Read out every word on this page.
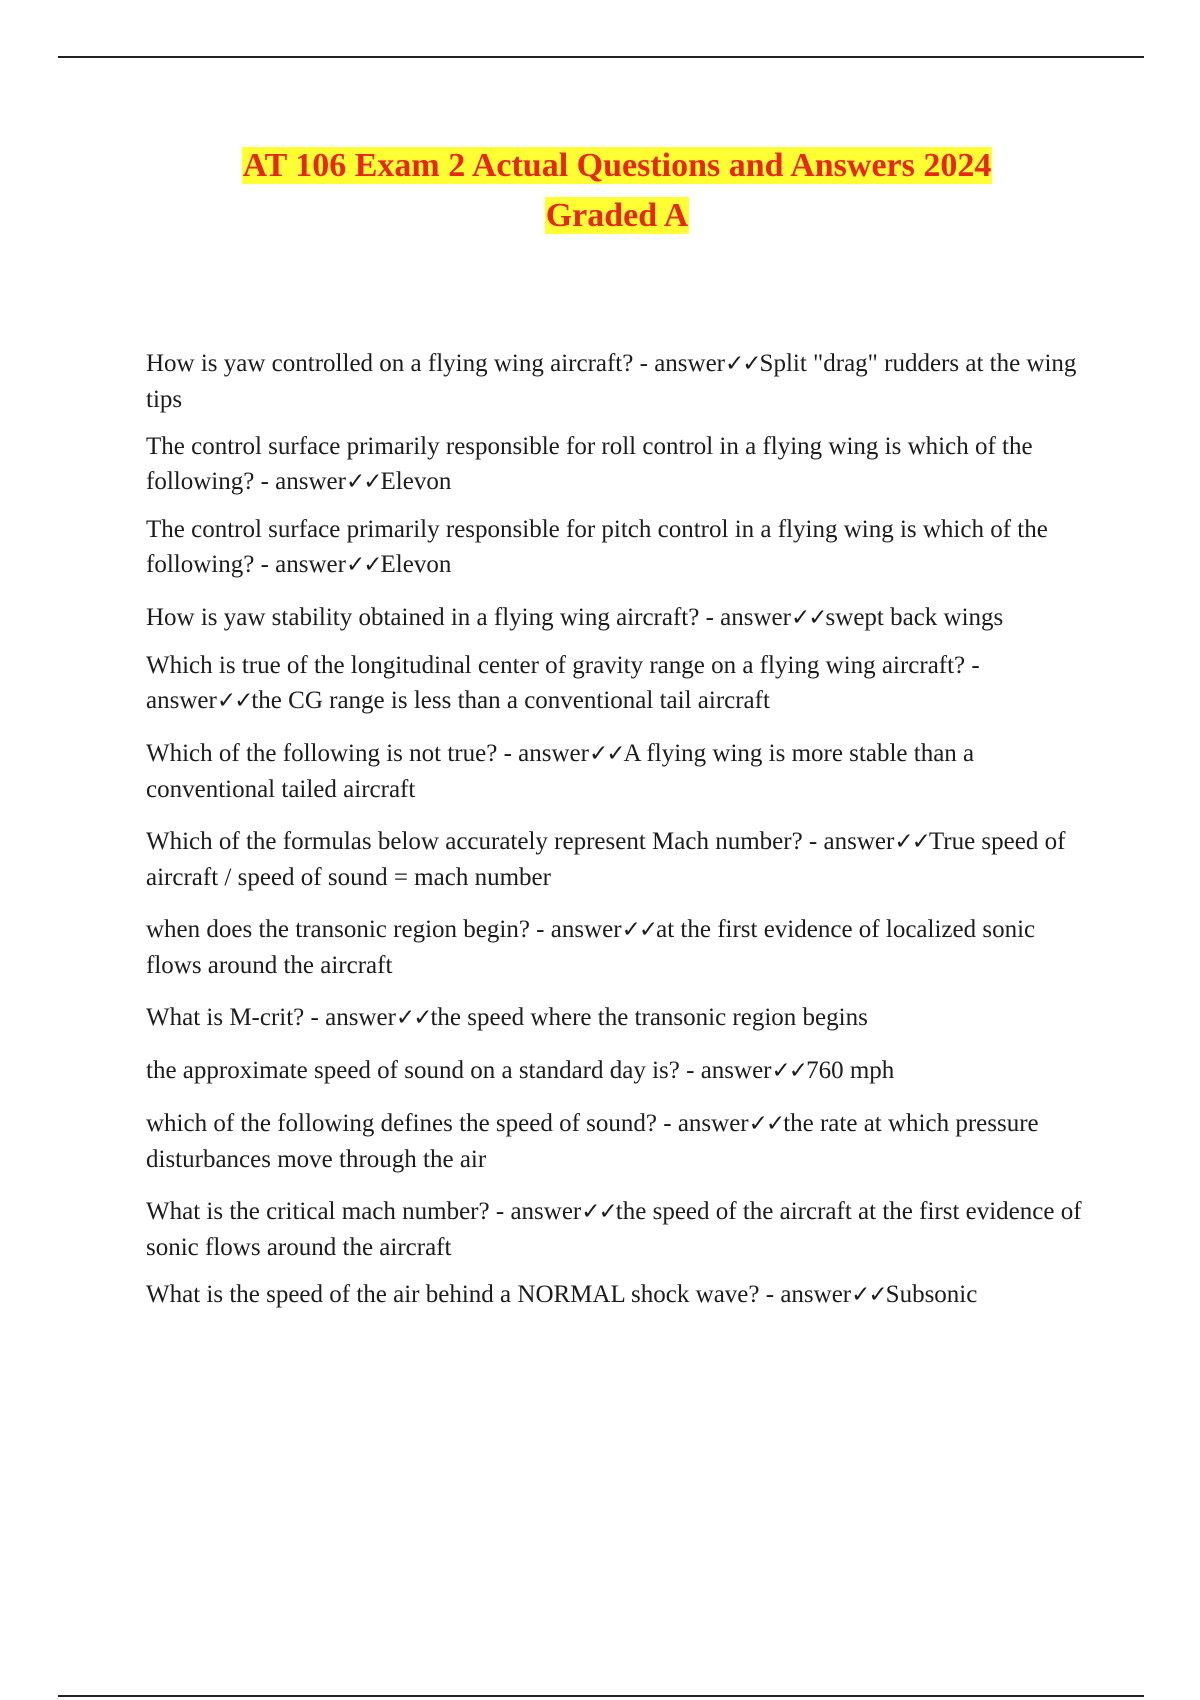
AT 106 Exam 2 Actual Questions and Answers 2024
Graded A

How is yaw controlled on a flying wing aircraft? - answer✓✓Split "drag" rudders at the wing tips

The control surface primarily responsible for roll control in a flying wing is which of the following? - answer✓✓Elevon

The control surface primarily responsible for pitch control in a flying wing is which of the following? - answer✓✓Elevon

How is yaw stability obtained in a flying wing aircraft? - answer✓✓swept back wings

Which is true of the longitudinal center of gravity range on a flying wing aircraft? - answer✓✓the CG range is less than a conventional tail aircraft

Which of the following is not true? - answer✓✓A flying wing is more stable than a conventional tailed aircraft

Which of the formulas below accurately represent Mach number? - answer✓✓True speed of aircraft / speed of sound = mach number

when does the transonic region begin? - answer✓✓at the first evidence of localized sonic flows around the aircraft

What is M-crit? - answer✓✓the speed where the transonic region begins

the approximate speed of sound on a standard day is? - answer✓✓760 mph

which of the following defines the speed of sound? - answer✓✓the rate at which pressure disturbances move through the air

What is the critical mach number? - answer✓✓the speed of the aircraft at the first evidence of sonic flows around the aircraft

What is the speed of the air behind a NORMAL shock wave? - answer✓✓Subsonic
